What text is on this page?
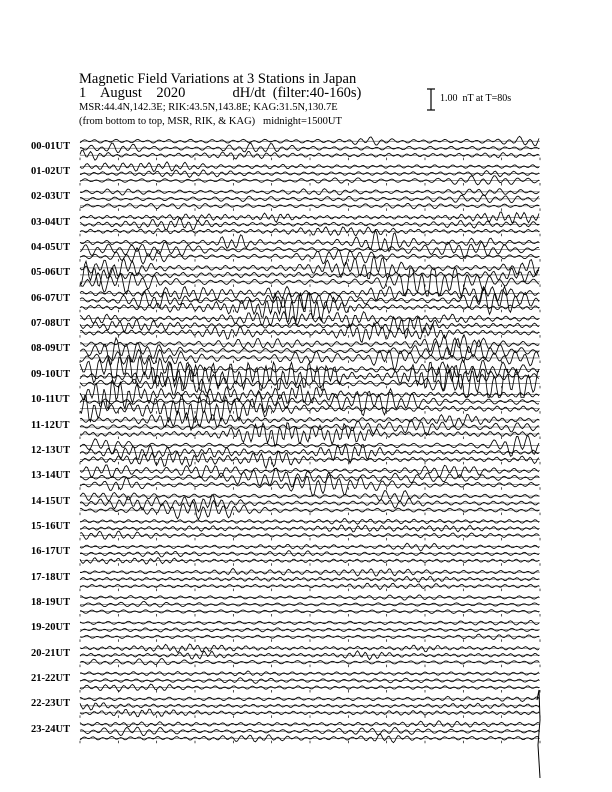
Magnetic Field Variations at 3 Stations in Japan
1    August    2020             dH/dt  (filter:40-160s)
MSR:44.4N,142.3E; RIK:43.5N,143.8E; KAG:31.5N,130.7E
(from bottom to top, MSR, RIK, & KAG)   midnight=1500UT
1.00  nT at T=80s
00-01UT
01-02UT
02-03UT
03-04UT
04-05UT
05-06UT
06-07UT
07-08UT
08-09UT
09-10UT
10-11UT
11-12UT
12-13UT
13-14UT
14-15UT
15-16UT
16-17UT
17-18UT
18-19UT
19-20UT
20-21UT
21-22UT
22-23UT
23-24UT
